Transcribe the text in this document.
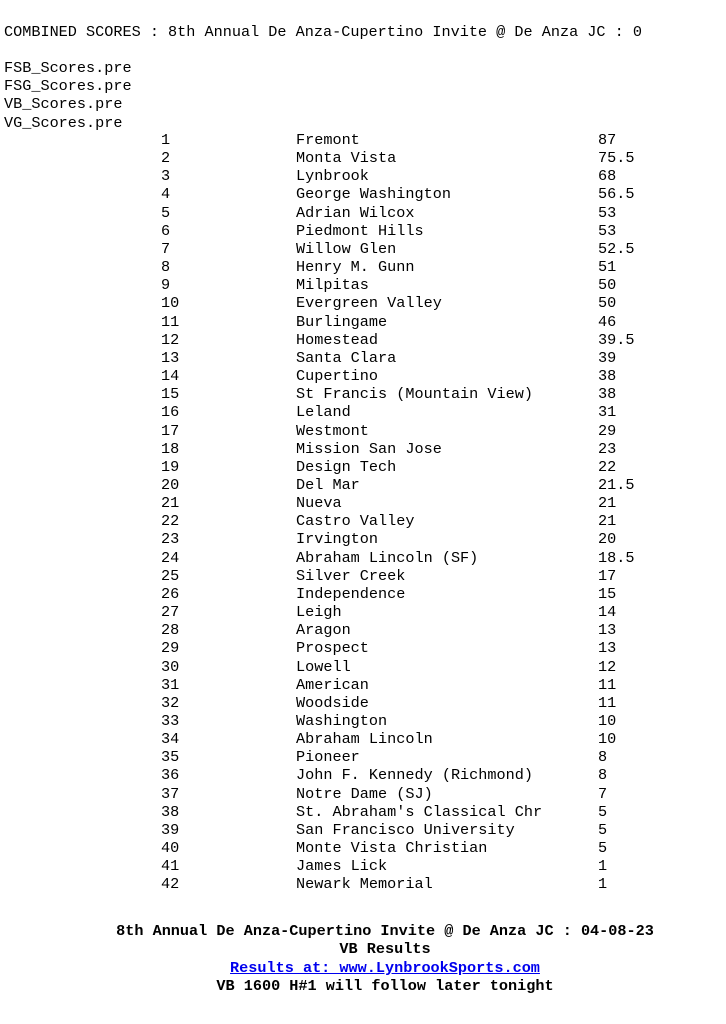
COMBINED SCORES : 8th Annual De Anza-Cupertino Invite @ De Anza JC : 0
FSB_Scores.pre
FSG_Scores.pre
VB_Scores.pre
VG_Scores.pre
1	Fremont	87
2	Monta Vista	75.5
3	Lynbrook	68
4	George Washington	56.5
5	Adrian Wilcox	53
6	Piedmont Hills	53
7	Willow Glen	52.5
8	Henry M. Gunn	51
9	Milpitas	50
10	Evergreen Valley	50
11	Burlingame	46
12	Homestead	39.5
13	Santa Clara	39
14	Cupertino	38
15	St Francis (Mountain View)	38
16	Leland	31
17	Westmont	29
18	Mission San Jose	23
19	Design Tech	22
20	Del Mar	21.5
21	Nueva	21
22	Castro Valley	21
23	Irvington	20
24	Abraham Lincoln (SF)	18.5
25	Silver Creek	17
26	Independence	15
27	Leigh	14
28	Aragon	13
29	Prospect	13
30	Lowell	12
31	American	11
32	Woodside	11
33	Washington	10
34	Abraham Lincoln	10
35	Pioneer	8
36	John F. Kennedy (Richmond)	8
37	Notre Dame (SJ)	7
38	St. Abraham's Classical Chr	5
39	San Francisco University	5
40	Monte Vista Christian	5
41	James Lick	1
42	Newark Memorial	1
8th Annual De Anza-Cupertino Invite @ De Anza JC : 04-08-23
VB Results
Results at: www.LynbrookSports.com
VB 1600 H#1 will follow later tonight
